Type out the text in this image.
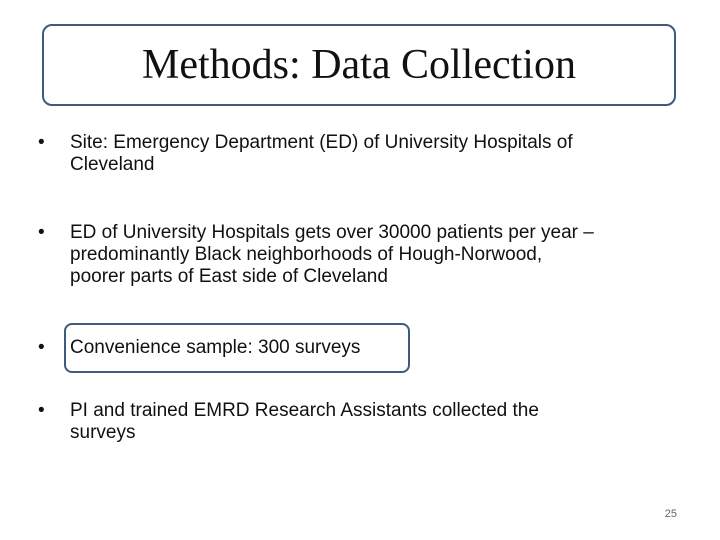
Methods: Data Collection
•	Site: Emergency Department (ED) of University Hospitals of
Cleveland
•	ED of University Hospitals gets over 30000 patients per year –
predominantly Black neighborhoods of Hough-Norwood,
poorer parts of East side of Cleveland
•	Convenience sample: 300 surveys
•	PI and trained EMRD Research Assistants collected the
surveys
25
